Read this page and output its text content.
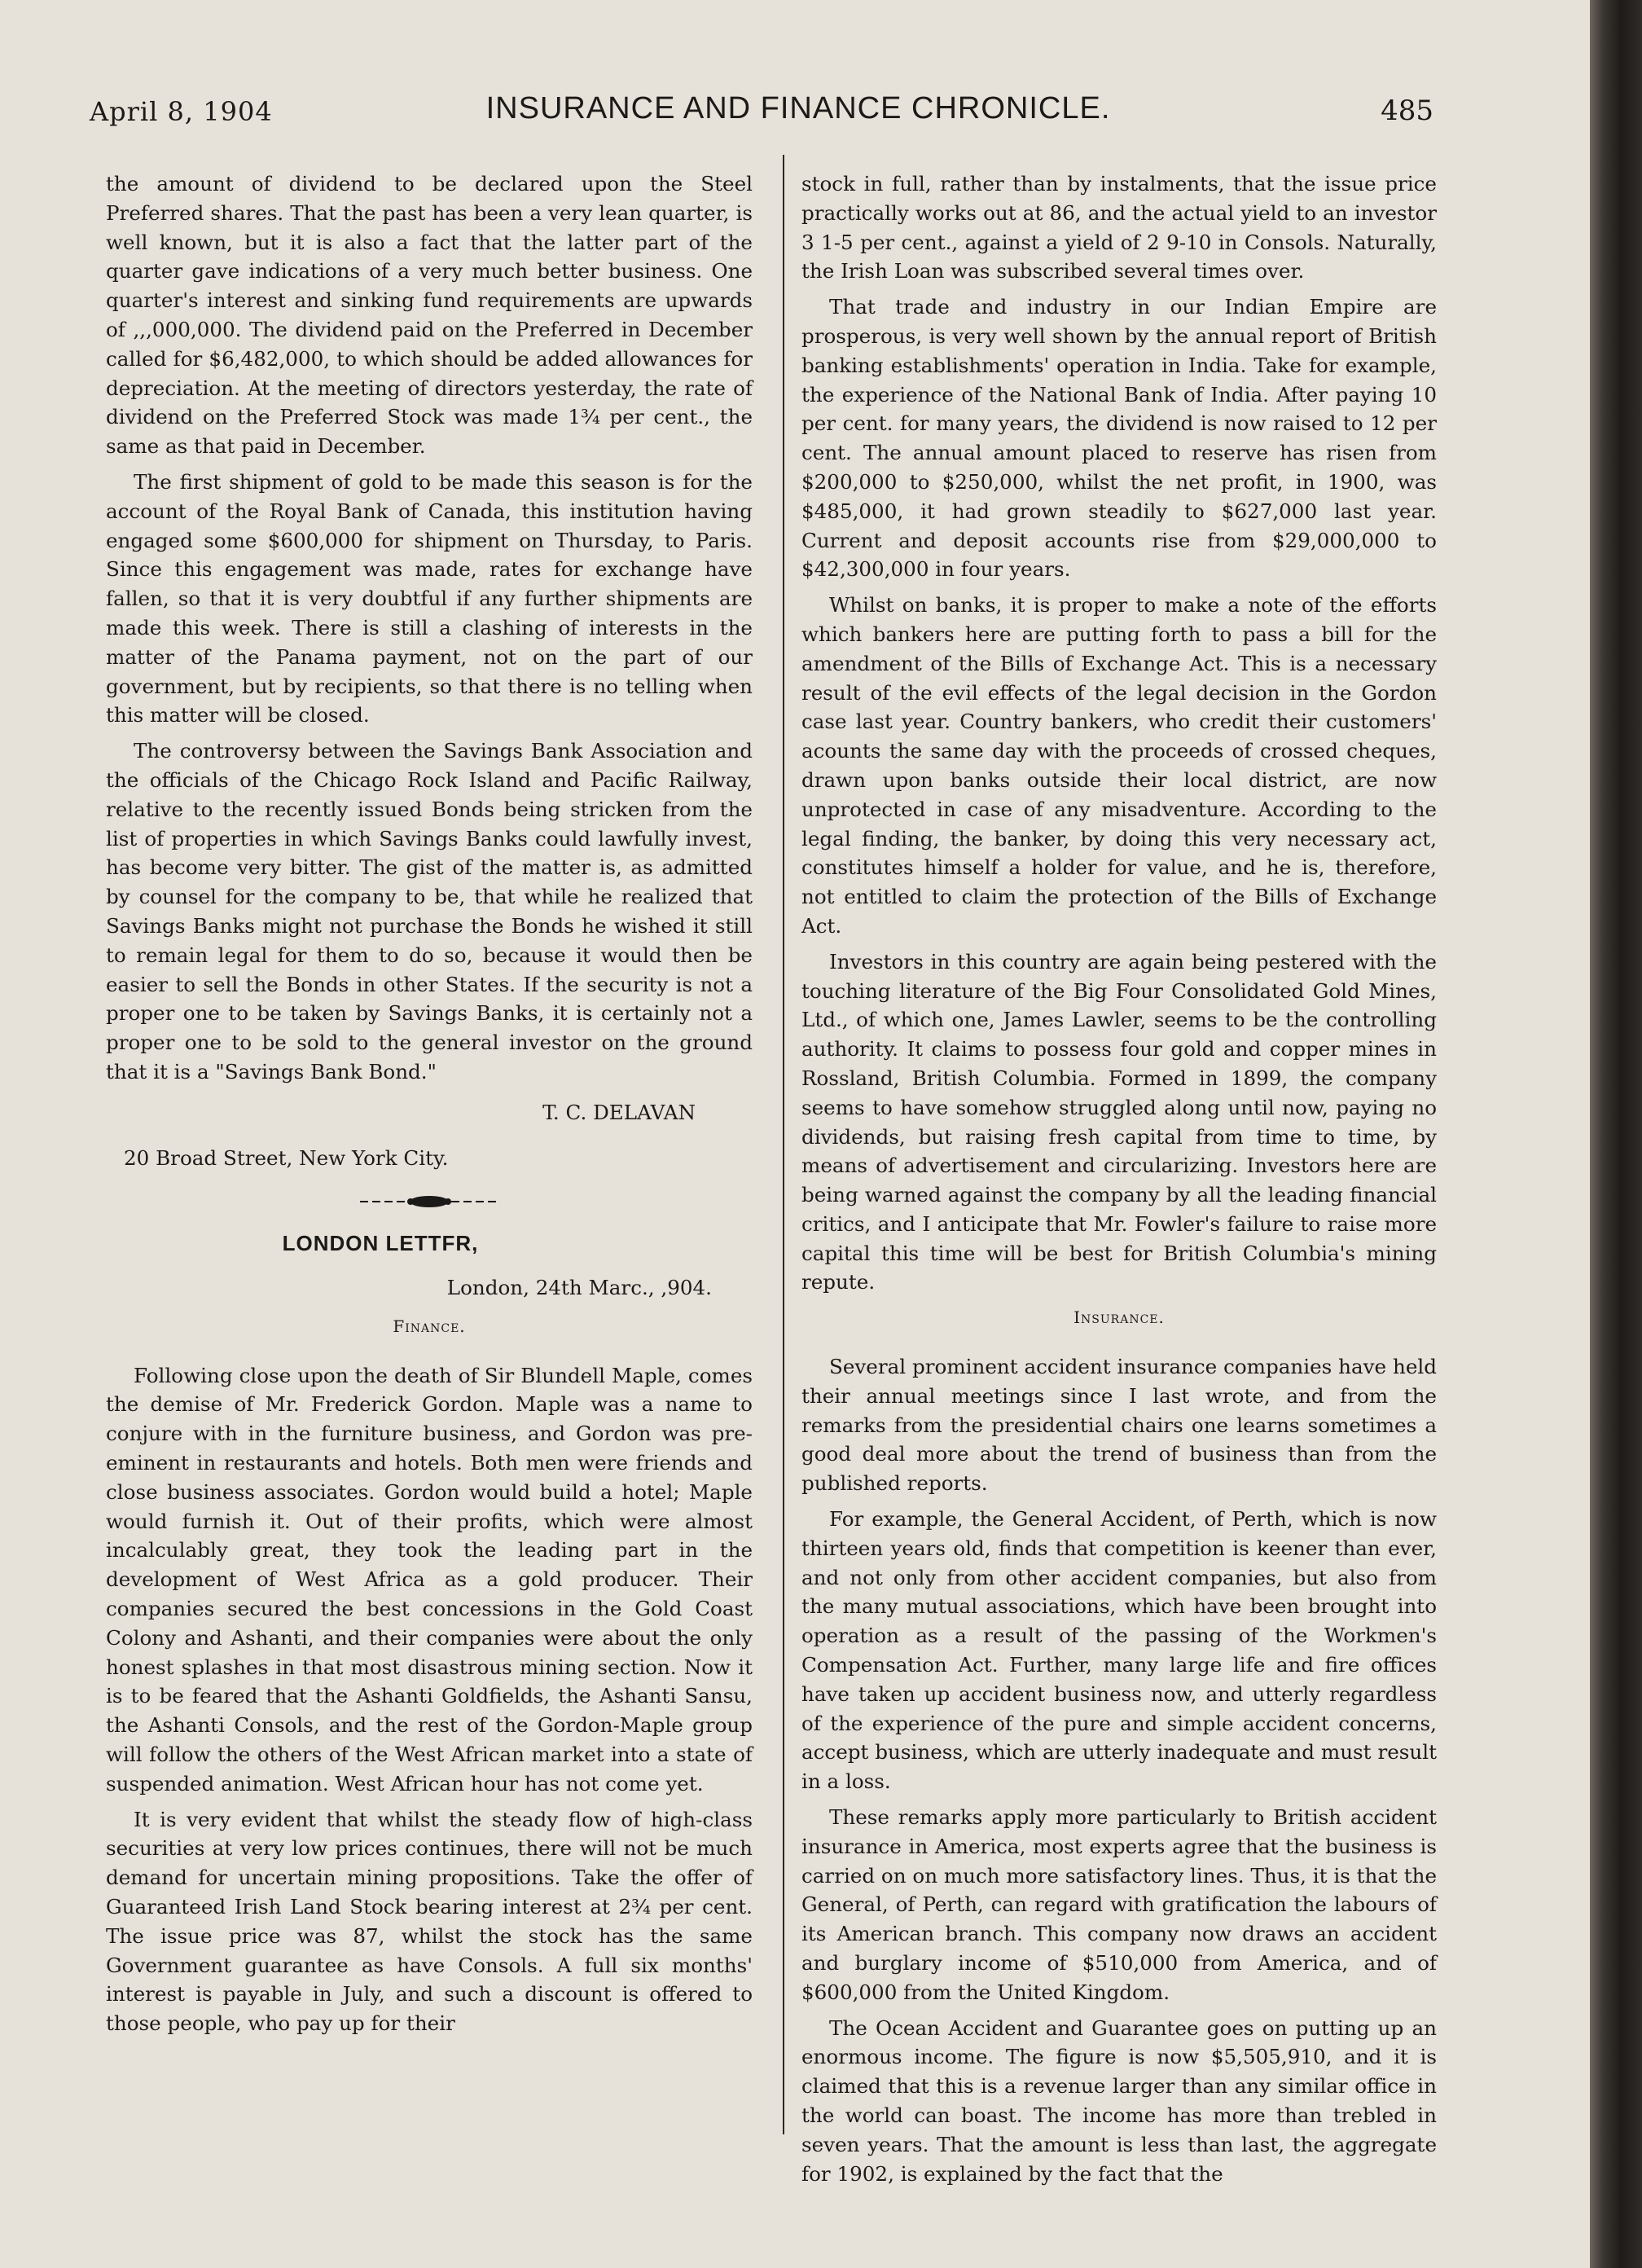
April 8, 1904	INSURANCE AND FINANCE CHRONICLE.	485

the amount of dividend to be declared upon the Steel Preferred shares. That the past has been a very lean quarter, is well known, but it is also a fact that the latter part of the quarter gave indications of a very much better business. One quarter's interest and sinking fund requirements are upwards of ,,,000,000. The dividend paid on the Preferred in December called for $6,482,000, to which should be added allowances for depreciation. At the meeting of directors yesterday, the rate of dividend on the Preferred Stock was made 1¾ per cent., the same as that paid in December.

The first shipment of gold to be made this season is for the account of the Royal Bank of Canada, this institution having engaged some $600,000 for shipment on Thursday, to Paris. Since this engagement was made, rates for exchange have fallen, so that it is very doubtful if any further shipments are made this week. There is still a clashing of interests in the matter of the Panama payment, not on the part of our government, but by recipients, so that there is no telling when this matter will be closed.

The controversy between the Savings Bank Association and the officials of the Chicago Rock Island and Pacific Railway, relative to the recently issued Bonds being stricken from the list of properties in which Savings Banks could lawfully invest, has become very bitter. The gist of the matter is, as admitted by counsel for the company to be, that while he realized that Savings Banks might not purchase the Bonds he wished it still to remain legal for them to do so, because it would then be easier to sell the Bonds in other States. If the security is not a proper one to be taken by Savings Banks, it is certainly not a proper one to be sold to the general investor on the ground that it is a "Savings Bank Bond."

T. C. DELAVAN
20 Broad Street, New York City.
LONDON LETTFR,
London, 24th Marc., ,904.
Finance.

Following close upon the death of Sir Blundell Maple, comes the demise of Mr. Frederick Gordon. Maple was a name to conjure with in the furniture business, and Gordon was pre-eminent in restaurants and hotels. Both men were friends and close business associates. Gordon would build a hotel; Maple would furnish it. Out of their profits, which were almost incalculably great, they took the leading part in the development of West Africa as a gold producer. Their companies secured the best concessions in the Gold Coast Colony and Ashanti, and their companies were about the only honest splashes in that most disastrous mining section. Now it is to be feared that the Ashanti Goldfields, the Ashanti Sansu, the Ashanti Consols, and the rest of the Gordon-Maple group will follow the others of the West African market into a state of suspended animation. West African hour has not come yet.

It is very evident that whilst the steady flow of high-class securities at very low prices continues, there will not be much demand for uncertain mining propositions. Take the offer of Guaranteed Irish Land Stock bearing interest at 2¾ per cent. The issue price was 87, whilst the stock has the same Government guarantee as have Consols. A full six months' interest is payable in July, and such a discount is offered to those people, who pay up for their

stock in full, rather than by instalments, that the issue price practically works out at 86, and the actual yield to an investor 3 1-5 per cent., against a yield of 2 9-10 in Consols. Naturally, the Irish Loan was subscribed several times over.

That trade and industry in our Indian Empire are prosperous, is very well shown by the annual report of British banking establishments' operation in India. Take for example, the experience of the National Bank of India. After paying 10 per cent. for many years, the dividend is now raised to 12 per cent. The annual amount placed to reserve has risen from $200,000 to $250,000, whilst the net profit, in 1900, was $485,000, it had grown steadily to $627,000 last year. Current and deposit accounts rise from $29,000,000 to $42,300,000 in four years.

Whilst on banks, it is proper to make a note of the efforts which bankers here are putting forth to pass a bill for the amendment of the Bills of Exchange Act. This is a necessary result of the evil effects of the legal decision in the Gordon case last year. Country bankers, who credit their customers' acounts the same day with the proceeds of crossed cheques, drawn upon banks outside their local district, are now unprotected in case of any misadventure. According to the legal finding, the banker, by doing this very necessary act, constitutes himself a holder for value, and he is, therefore, not entitled to claim the protection of the Bills of Exchange Act.

Investors in this country are again being pestered with the touching literature of the Big Four Consolidated Gold Mines, Ltd., of which one, James Lawler, seems to be the controlling authority. It claims to possess four gold and copper mines in Rossland, British Columbia. Formed in 1899, the company seems to have somehow struggled along until now, paying no dividends, but raising fresh capital from time to time, by means of advertisement and circularizing. Investors here are being warned against the company by all the leading financial critics, and I anticipate that Mr. Fowler's failure to raise more capital this time will be best for British Columbia's mining repute.

Insurance.

Several prominent accident insurance companies have held their annual meetings since I last wrote, and from the remarks from the presidential chairs one learns sometimes a good deal more about the trend of business than from the published reports.

For example, the General Accident, of Perth, which is now thirteen years old, finds that competition is keener than ever, and not only from other accident companies, but also from the many mutual associations, which have been brought into operation as a result of the passing of the Workmen's Compensation Act. Further, many large life and fire offices have taken up accident business now, and utterly regardless of the experience of the pure and simple accident concerns, accept business, which are utterly inadequate and must result in a loss.

These remarks apply more particularly to British accident insurance in America, most experts agree that the business is carried on on much more satisfactory lines. Thus, it is that the General, of Perth, can regard with gratification the labours of its American branch. This company now draws an accident and burglary income of $510,000 from America, and of $600,000 from the United Kingdom.

The Ocean Accident and Guarantee goes on putting up an enormous income. The figure is now $5,505,910, and it is claimed that this is a revenue larger than any similar office in the world can boast. The income has more than trebled in seven years. That the amount is less than last, the aggregate for 1902, is explained by the fact that the
